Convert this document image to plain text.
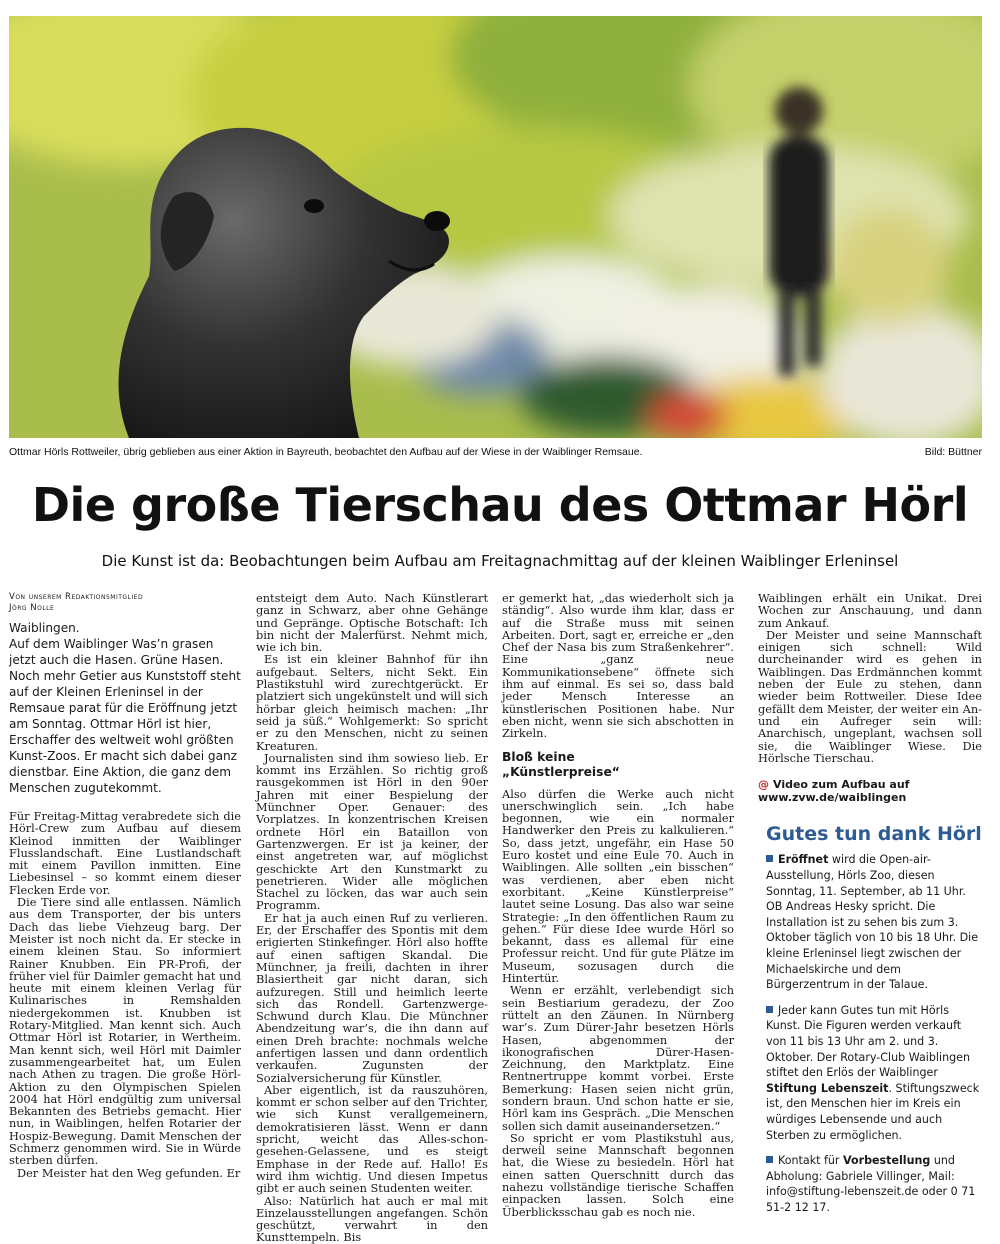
Ottmar Hörls Rottweiler, übrig geblieben aus einer Aktion in Bayreuth, beobachtet den Aufbau auf der Wiese in der Waiblinger Remsaue.	Bild: Büttner
Die große Tierschau des Ottmar Hörl
Die Kunst ist da: Beobachtungen beim Aufbau am Freitagnachmittag auf der kleinen Waiblinger Erleninsel
Von unserem Redaktionsmitglied
Jörg Nolle
Waiblingen.
Auf dem Waiblinger Was’n grasen jetzt auch die Hasen. Grüne Hasen. Noch mehr Getier aus Kunststoff steht auf der Kleinen Erleninsel in der Remsaue parat für die Eröffnung jetzt am Sonntag. Ottmar Hörl ist hier, Erschaffer des weltweit wohl größten Kunst-Zoos. Er macht sich dabei ganz dienstbar. Eine Aktion, die ganz dem Menschen zugutekommt.

Für Freitag-Mittag verabredete sich die Hörl-Crew zum Aufbau auf diesem Kleinod inmitten der Waiblinger Flusslandschaft. Eine Lustlandschaft mit einem Pavillon inmitten. Eine Liebesinsel – so kommt einem dieser Flecken Erde vor.

Die Tiere sind alle entlassen. Nämlich aus dem Transporter, der bis unters Dach das liebe Viehzeug barg. Der Meister ist noch nicht da. Er stecke in einem kleinen Stau. So informiert Rainer Knubben. Ein PR-Profi, der früher viel für Daimler gemacht hat und heute mit einem kleinen Verlag für Kulinarisches in Remshalden niedergekommen ist. Knubben ist Rotary-Mitglied. Man kennt sich. Auch Ottmar Hörl ist Rotarier, in Wertheim. Man kennt sich, weil Hörl mit Daimler zusammengearbeitet hat, um Eulen nach Athen zu tragen. Die große Hörl-Aktion zu den Olympischen Spielen 2004 hat Hörl endgültig zum universal Bekannten des Betriebs gemacht. Hier nun, in Waiblingen, helfen Rotarier der Hospiz-Bewegung. Damit Menschen der Schmerz genommen wird. Sie in Würde sterben dürfen.

Der Meister hat den Weg gefunden. Er

entsteigt dem Auto. Nach Künstlerart ganz in Schwarz, aber ohne Gehänge und Gepränge. Optische Botschaft: Ich bin nicht der Malerfürst. Nehmt mich, wie ich bin.

Es ist ein kleiner Bahnhof für ihn aufgebaut. Selters, nicht Sekt. Ein Plastikstuhl wird zurechtgerückt. Er platziert sich ungekünstelt und will sich hörbar gleich heimisch machen: „Ihr seid ja süß.“ Wohlgemerkt: So spricht er zu den Menschen, nicht zu seinen Kreaturen.

Journalisten sind ihm sowieso lieb. Er kommt ins Erzählen. So richtig groß rausgekommen ist Hörl in den 90er Jahren mit einer Bespielung der Münchner Oper. Genauer: des Vorplatzes. In konzentrischen Kreisen ordnete Hörl ein Bataillon von Gartenzwergen. Er ist ja keiner, der einst angetreten war, auf möglichst geschickte Art den Kunstmarkt zu penetrieren. Wider alle möglichen Stachel zu löcken, das war auch sein Programm.

Er hat ja auch einen Ruf zu verlieren. Er, der Erschaffer des Spontis mit dem erigierten Stinkefinger. Hörl also hoffte auf einen saftigen Skandal. Die Münchner, ja freili, dachten in ihrer Blasiertheit gar nicht daran, sich aufzuregen. Still und heimlich leerte sich das Rondell. Gartenzwerge-Schwund durch Klau. Die Münchner Abendzeitung war’s, die ihn dann auf einen Dreh brachte: nochmals welche anfertigen lassen und dann ordentlich verkaufen. Zugunsten der Sozialversicherung für Künstler.

Aber eigentlich, ist da rauszuhören, kommt er schon selber auf den Trichter, wie sich Kunst verallgemeinern, demokratisieren lässt. Wenn er dann spricht, weicht das Alles-schon-gesehen-Gelassene, und es steigt Emphase in der Rede auf. Hallo! Es wird ihm wichtig. Und diesen Impetus gibt er auch seinen Studenten weiter.

Also: Natürlich hat auch er mal mit Einzelausstellungen angefangen. Schön geschützt, verwahrt in den Kunsttempeln. Bis

er gemerkt hat, „das wiederholt sich ja ständig“. Also wurde ihm klar, dass er auf die Straße muss mit seinen Arbeiten. Dort, sagt er, erreiche er „den Chef der Nasa bis zum Straßenkehrer“. Eine „ganz neue Kommunikationsebene“ öffnete sich ihm auf einmal. Es sei so, dass bald jeder Mensch Interesse an künstlerischen Positionen habe. Nur eben nicht, wenn sie sich abschotten in Zirkeln.

Bloß keine
„Künstlerpreise“

Also dürfen die Werke auch nicht unerschwinglich sein. „Ich habe begonnen, wie ein normaler Handwerker den Preis zu kalkulieren.“ So, dass jetzt, ungefähr, ein Hase 50 Euro kostet und eine Eule 70. Auch in Waiblingen. Alle sollten „ein bisschen“ was verdienen, aber eben nicht exorbitant. „Keine Künstlerpreise“ lautet seine Losung. Das also war seine Strategie: „In den öffentlichen Raum zu gehen.“ Für diese Idee wurde Hörl so bekannt, dass es allemal für eine Professur reicht. Und für gute Plätze im Museum, sozusagen durch die Hintertür.

Wenn er erzählt, verlebendigt sich sein Bestiarium geradezu, der Zoo rüttelt an den Zäunen. In Nürnberg war’s. Zum Dürer-Jahr besetzen Hörls Hasen, abgenommen der ikonografischen Dürer-Hasen-Zeichnung, den Marktplatz. Eine Rentnertruppe kommt vorbei. Erste Bemerkung: Hasen seien nicht grün, sondern braun. Und schon hatte er sie, Hörl kam ins Gespräch. „Die Menschen sollen sich damit auseinandersetzen.“

So spricht er vom Plastikstuhl aus, derweil seine Mannschaft begonnen hat, die Wiese zu besiedeln. Hörl hat einen satten Querschnitt durch das nahezu vollständige tierische Schaffen einpacken lassen. Solch eine Überblicksschau gab es noch nie.

Waiblingen erhält ein Unikat. Drei Wochen zur Anschauung, und dann zum Ankauf.

Der Meister und seine Mannschaft einigen sich schnell: Wild durcheinander wird es gehen in Waiblingen. Das Erdmännchen kommt neben der Eule zu stehen, dann wieder beim Rottweiler. Diese Idee gefällt dem Meister, der weiter ein An- und ein Aufreger sein will: Anarchisch, ungeplant, wachsen soll sie, die Waiblinger Wiese. Die Hörlsche Tierschau.

@ Video zum Aufbau auf www.zvw.de/waiblingen
Gutes tun dank Hörl

Eröffnet wird die Open-air-Ausstellung, Hörls Zoo, diesen Sonntag, 11. September, ab 11 Uhr. OB Andreas Hesky spricht. Die Installation ist zu sehen bis zum 3. Oktober täglich von 10 bis 18 Uhr. Die kleine Erleninsel liegt zwischen der Michaelskirche und dem Bürgerzentrum in der Talaue.

Jeder kann Gutes tun mit Hörls Kunst. Die Figuren werden verkauft von 11 bis 13 Uhr am 2. und 3. Oktober. Der Rotary-Club Waiblingen stiftet den Erlös der Waiblinger Stiftung Lebenszeit. Stiftungszweck ist, den Menschen hier im Kreis ein würdiges Lebensende und auch Sterben zu ermöglichen.

Kontakt für Vorbestellung und Abholung: Gabriele Villinger, Mail: info@stiftung-lebenszeit.de oder 0 71 51-2 12 17.
